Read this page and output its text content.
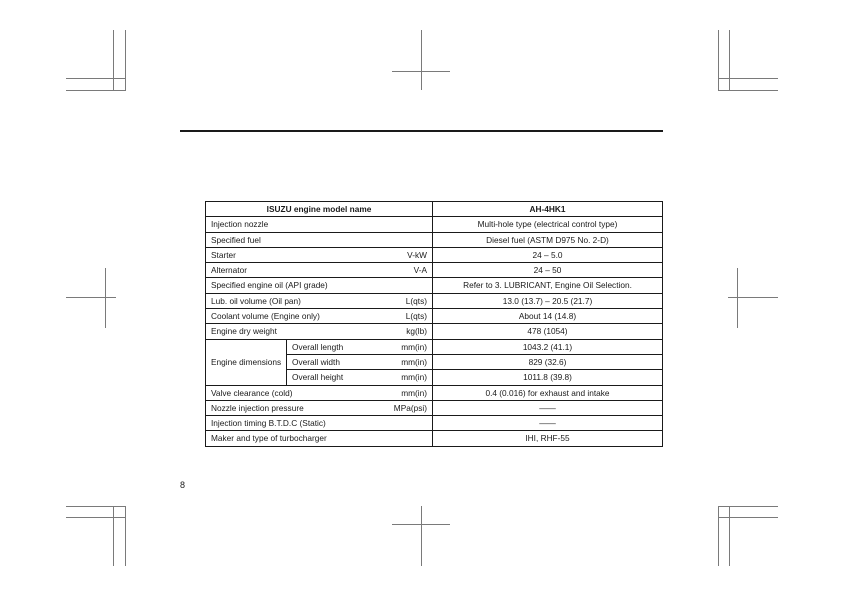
ISUZU engine model name		AH-4HK1

Injection nozzle		Multi-hole type (electrical control type)

Specified fuel		Diesel fuel (ASTM D975 No. 2-D)

Starter V-kW		24 – 5.0

Alternator V-A		24 – 50

Specified engine oil (API grade)		Refer to 3. LUBRICANT, Engine Oil Selection.

Lub. oil volume (Oil pan) L(qts)		13.0 (13.7) – 20.5 (21.7)

Coolant volume (Engine only) L(qts)		About 14 (14.8)

Engine dry weight kg(lb)		478 (1054)
Engine dimensions	Overall length mm(in)	1043.2 (41.1)

	Overall width mm(in)	829 (32.6)

	Overall height mm(in)	1011.8 (39.8)

Valve clearance (cold) mm(in)		0.4 (0.016) for exhaust and intake

Nozzle injection pressure MPa(psi)		——

Injection timing B.T.D.C (Static)		——

Maker and type of turbocharger		IHI, RHF-55
8
